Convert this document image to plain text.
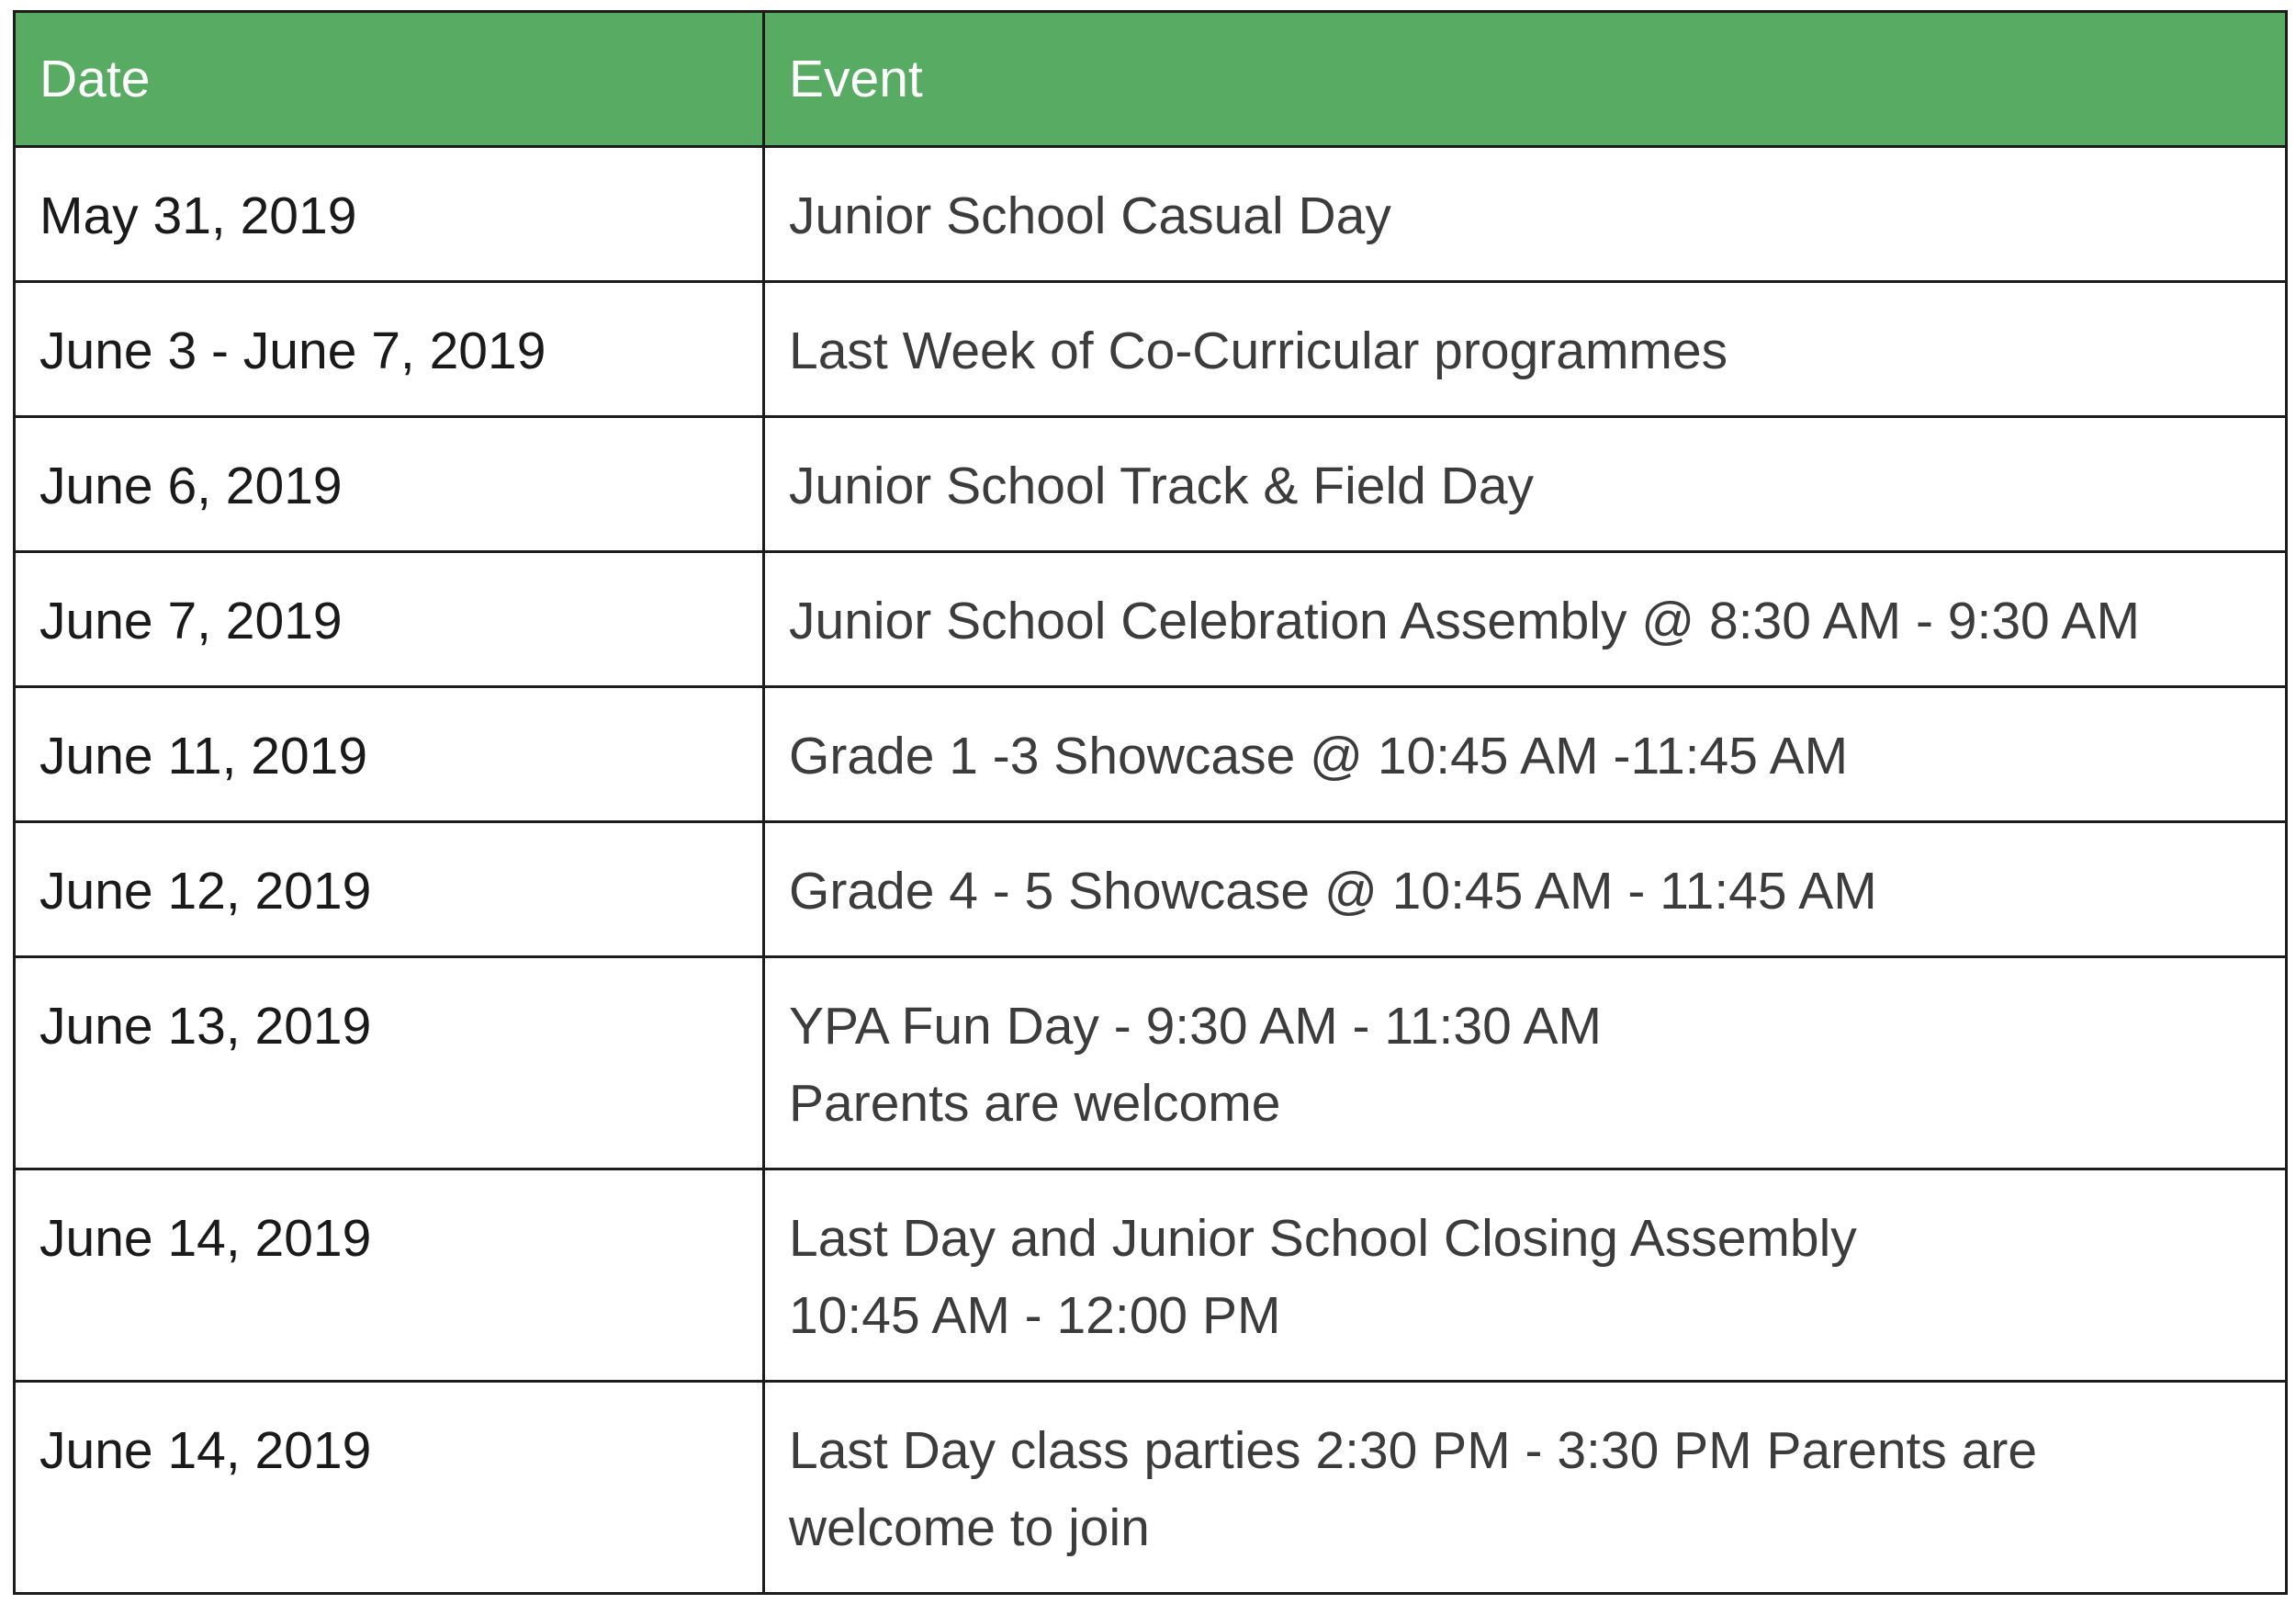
Date	Event
May 31, 2019	Junior School Casual Day

June 3 - June 7, 2019	Last Week of Co-Curricular programmes

June 6, 2019	Junior School Track & Field Day

June 7, 2019	Junior School Celebration Assembly @ 8:30 AM - 9:30 AM

June 11, 2019	Grade 1 -3 Showcase @ 10:45 AM -11:45 AM

June 12, 2019	Grade 4 - 5 Showcase @ 10:45 AM - 11:45 AM

June 13, 2019	YPA Fun Day - 9:30 AM - 11:30 AM
Parents are welcome

June 14, 2019	Last Day and Junior School Closing Assembly
10:45 AM - 12:00 PM

June 14, 2019	Last Day class parties 2:30 PM - 3:30 PM Parents are
welcome to join
